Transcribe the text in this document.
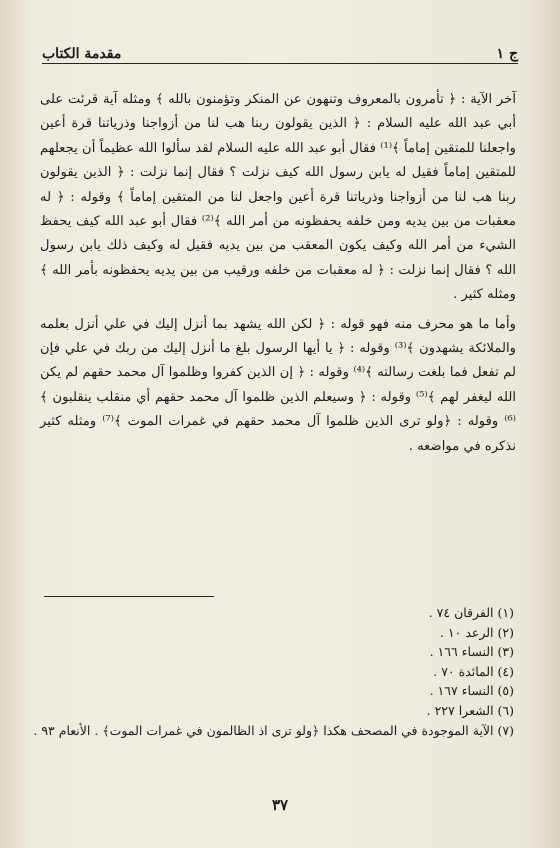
ج ١
مقدمة الكتاب

آخر الآية : ﴿ تأمرون بالمعروف وتنهون عن المنكر وتؤمنون بالله ﴾ ومثله آية قرئت على أبي عبد الله عليه السلام : ﴿ الذين يقولون ربنا هب لنا من أزواجنا وذرياتنا قرة أعين واجعلنا للمتقين إماماً ﴾⁽¹⁾ فقال أبو عبد الله عليه السلام لقد سألوا الله عظيماً أن يجعلهم للمتقين إماماً فقيل له يابن رسول الله كيف نزلت ؟ فقال إنما نزلت : ﴿ الذين يقولون ربنا هب لنا من أزواجنا وذرياتنا قرة أعين واجعل لنا من المتقين إماماً ﴾ وقوله : ﴿ له معقبات من بين يديه ومن خلفه يحفظونه من أمر الله ﴾⁽²⁾ فقال أبو عبد الله كيف يحفظ الشيء من أمر الله وكيف يكون المعقب من بين يديه فقيل له وكيف ذلك يابن رسول الله ؟ فقال إنما نزلت : ﴿ له معقبات من خلفه ورقيب من بين يديه يحفظونه بأمر الله ﴾ ومثله كثير .

وأما ما هو محرف منه فهو قوله : ﴿ لكن الله يشهد بما أنزل إليك في علي أنزل بعلمه والملائكة يشهدون ﴾⁽³⁾ وقوله : ﴿ يا أيها الرسول بلغ ما أنزل إليك من ربك في علي فإن لم تفعل فما بلغت رسالته ﴾⁽⁴⁾ وقوله : ﴿ إن الذين كفروا وظلموا آل محمد حقهم لم يكن الله ليغفر لهم ﴾⁽⁵⁾ وقوله : ﴿ وسيعلم الذين ظلموا آل محمد حقهم أي منقلب ينقلبون ﴾⁽⁶⁾ وقوله : ﴿ولو ترى الذين ظلموا آل محمد حقهم في غمرات الموت ﴾⁽⁷⁾ ومثله كثير نذكره في مواضعه .

(١) الفرقان ٧٤ .
(٢) الرعد ١٠ .
(٣) النساء ١٦٦ .
(٤) المائدة ٧٠ .
(٥) النساء ١٦٧ .
(٦) الشعرا ٢٢٧ .
(٧) الآية الموجودة في المصحف هكذا ﴿ولو ترى اذ الظالمون في غمرات الموت﴾ . الأنعام ٩٣ .
٣٧
